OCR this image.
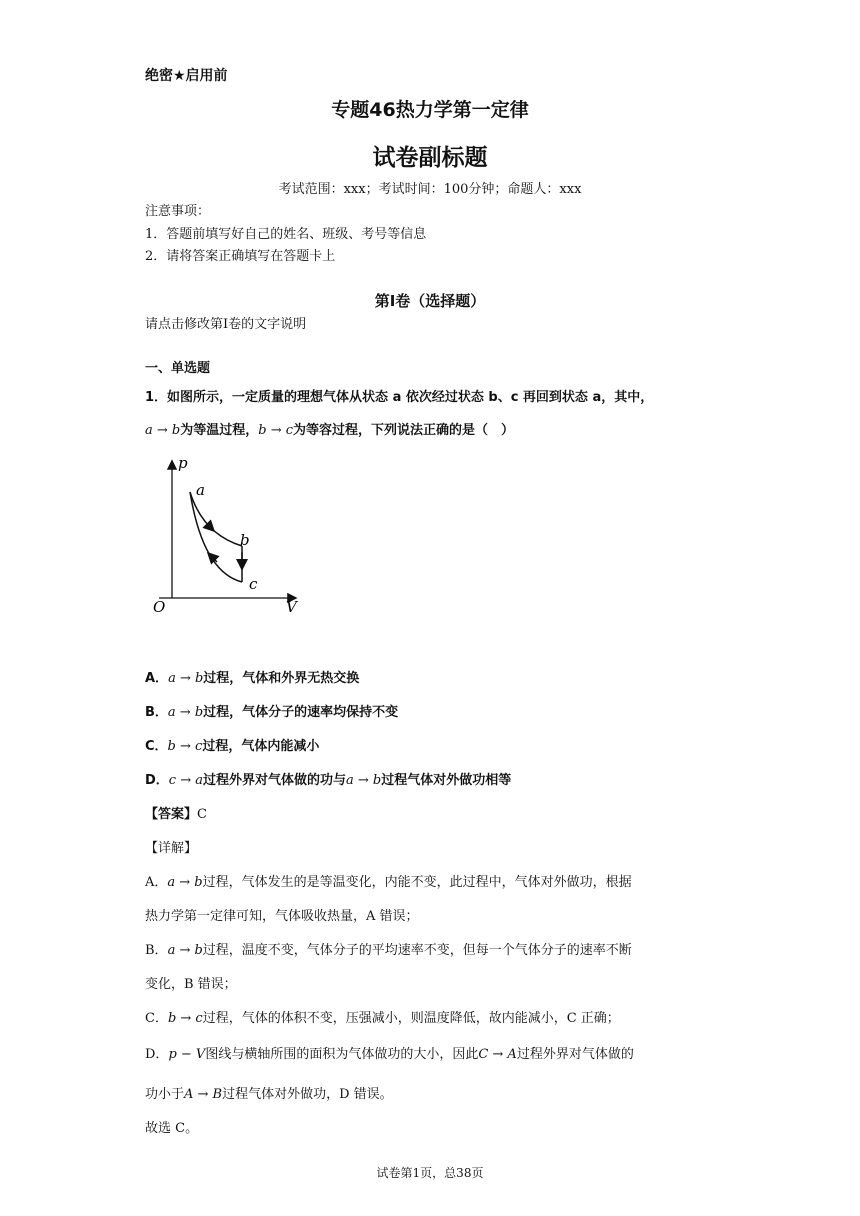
绝密★启用前
专题46热力学第一定律
试卷副标题
考试范围：xxx；考试时间：100分钟；命题人：xxx
注意事项：
1．答题前填写好自己的姓名、班级、考号等信息
2．请将答案正确填写在答题卡上
第I卷（选择题）
请点击修改第I卷的文字说明
一、单选题
1．如图所示，一定质量的理想气体从状态 a 依次经过状态 b、c 再回到状态 a，其中，
a → b为等温过程，b → c为等容过程，下列说法正确的是（　）
p
V
O
a
b
c
A．a → b过程，气体和外界无热交换
B．a → b过程，气体分子的速率均保持不变
C．b → c过程，气体内能减小
D．c → a过程外界对气体做的功与a → b过程气体对外做功相等
【答案】C
【详解】
A．a → b过程，气体发生的是等温变化，内能不变，此过程中，气体对外做功，根据
热力学第一定律可知，气体吸收热量，A 错误；
B．a → b过程，温度不变，气体分子的平均速率不变，但每一个气体分子的速率不断
变化，B 错误；
C．b → c过程，气体的体积不变，压强减小，则温度降低，故内能减小，C 正确；
D．p − V图线与横轴所围的面积为气体做功的大小，因此C → A过程外界对气体做的
功小于A → B过程气体对外做功，D 错误。
故选 C。
试卷第1页，总38页
